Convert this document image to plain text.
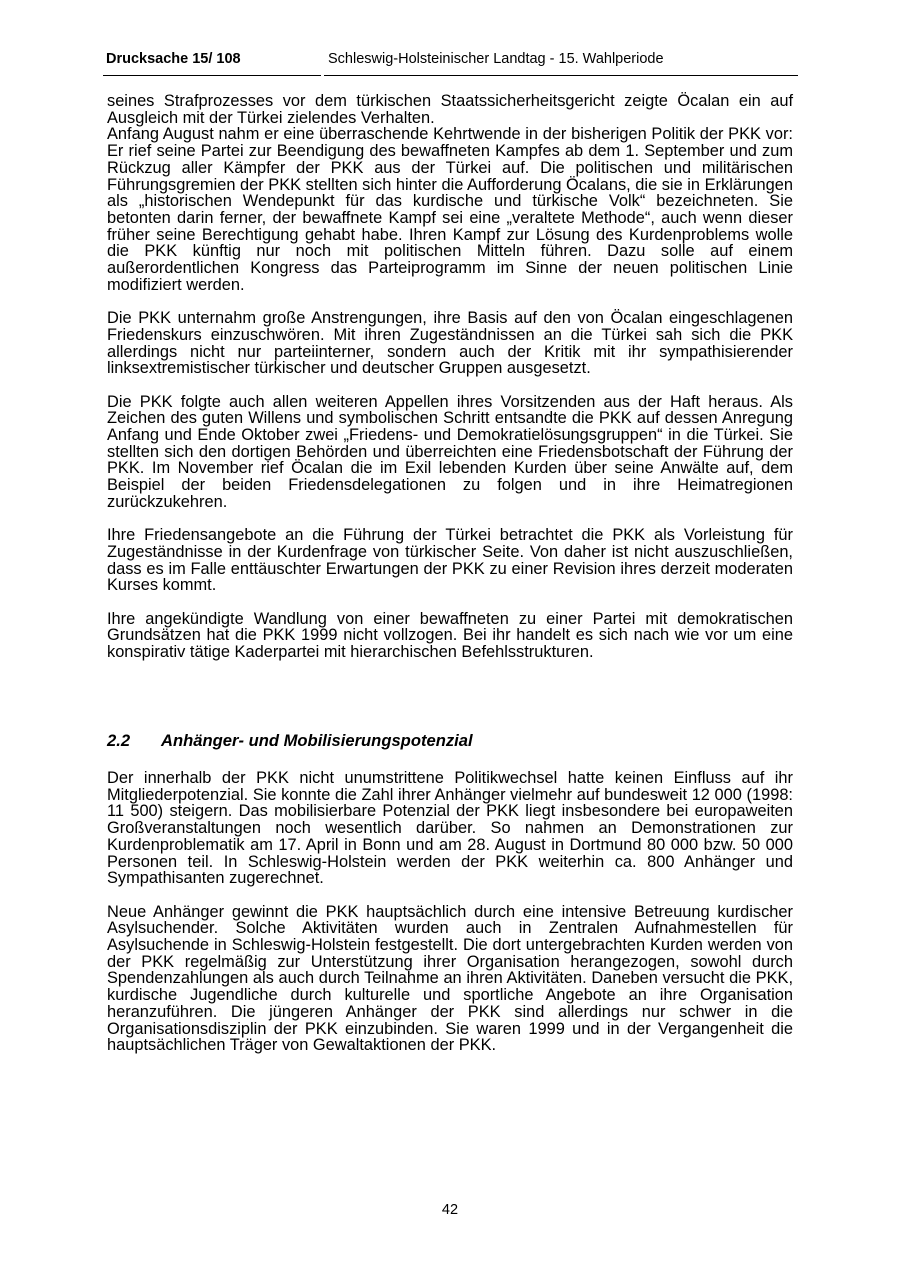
Drucksache 15/ 108	Schleswig-Holsteinischer Landtag - 15. Wahlperiode

seines Strafprozesses vor dem türkischen Staatssicherheitsgericht zeigte Öcalan ein auf Ausgleich mit der Türkei zielendes Verhalten.

Anfang August nahm er eine überraschende Kehrtwende in der bisherigen Politik der PKK vor: Er rief seine Partei zur Beendigung des bewaffneten Kampfes ab dem 1. September und zum Rückzug aller Kämpfer der PKK aus der Türkei auf. Die politischen und militärischen Führungsgremien der PKK stellten sich hinter die Aufforderung Öcalans, die sie in Erklärungen als „historischen Wendepunkt für das kurdische und türkische Volk“ bezeichneten. Sie betonten darin ferner, der bewaffnete Kampf sei eine „veraltete Methode“, auch wenn dieser früher seine Berechtigung gehabt habe. Ihren Kampf zur Lösung des Kurdenproblems wolle die PKK künftig nur noch mit politischen Mitteln führen. Dazu solle auf einem außerordentlichen Kongress das Parteiprogramm im Sinne der neuen politischen Linie modifiziert werden.

Die PKK unternahm große Anstrengungen, ihre Basis auf den von Öcalan eingeschlagenen Friedenskurs einzuschwören. Mit ihren Zugeständnissen an die Türkei sah sich die PKK allerdings nicht nur parteiinterner, sondern auch der Kritik mit ihr sympathisierender linksextremistischer türkischer und deutscher Gruppen ausgesetzt.

Die PKK folgte auch allen weiteren Appellen ihres Vorsitzenden aus der Haft heraus. Als Zeichen des guten Willens und symbolischen Schritt entsandte die PKK auf dessen Anregung Anfang und Ende Oktober zwei „Friedens- und Demokratielösungsgruppen“ in die Türkei. Sie stellten sich den dortigen Behörden und überreichten eine Friedensbotschaft der Führung der PKK. Im November rief Öcalan die im Exil lebenden Kurden über seine Anwälte auf, dem Beispiel der beiden Friedensdelegationen zu folgen und in ihre Heimatregionen zurückzukehren.

Ihre Friedensangebote an die Führung der Türkei betrachtet die PKK als Vorleistung für Zugeständnisse in der Kurdenfrage von türkischer Seite. Von daher ist nicht auszuschließen, dass es im Falle enttäuschter Erwartungen der PKK zu einer Revision ihres derzeit moderaten Kurses kommt.

Ihre angekündigte Wandlung von einer bewaffneten zu einer Partei mit demokratischen Grundsätzen hat die PKK 1999 nicht vollzogen. Bei ihr handelt es sich nach wie vor um eine konspirativ tätige Kaderpartei mit hierarchischen Befehlsstrukturen.

2.2 Anhänger- und Mobilisierungspotenzial

Der innerhalb der PKK nicht unumstrittene Politikwechsel hatte keinen Einfluss auf ihr Mitgliederpotenzial. Sie konnte die Zahl ihrer Anhänger vielmehr auf bundesweit 12 000 (1998: 11 500) steigern. Das mobilisierbare Potenzial der PKK liegt insbesondere bei europaweiten Großveranstaltungen noch wesentlich darüber. So nahmen an Demonstrationen zur Kurdenproblematik am 17. April in Bonn und am 28. August in Dortmund 80 000 bzw. 50 000 Personen teil. In Schleswig-Holstein werden der PKK weiterhin ca. 800 Anhänger und Sympathisanten zugerechnet.

Neue Anhänger gewinnt die PKK hauptsächlich durch eine intensive Betreuung kurdischer Asylsuchender. Solche Aktivitäten wurden auch in Zentralen Aufnahmestellen für Asylsuchende in Schleswig-Holstein festgestellt. Die dort untergebrachten Kurden werden von der PKK regelmäßig zur Unterstützung ihrer Organisation herangezogen, sowohl durch Spendenzahlungen als auch durch Teilnahme an ihren Aktivitäten. Daneben versucht die PKK, kurdische Jugendliche durch kulturelle und sportliche Angebote an ihre Organisation heranzuführen. Die jüngeren Anhänger der PKK sind allerdings nur schwer in die Organisationsdisziplin der PKK einzubinden. Sie waren 1999 und in der Vergangenheit die hauptsächlichen Träger von Gewaltaktionen der PKK.

42
